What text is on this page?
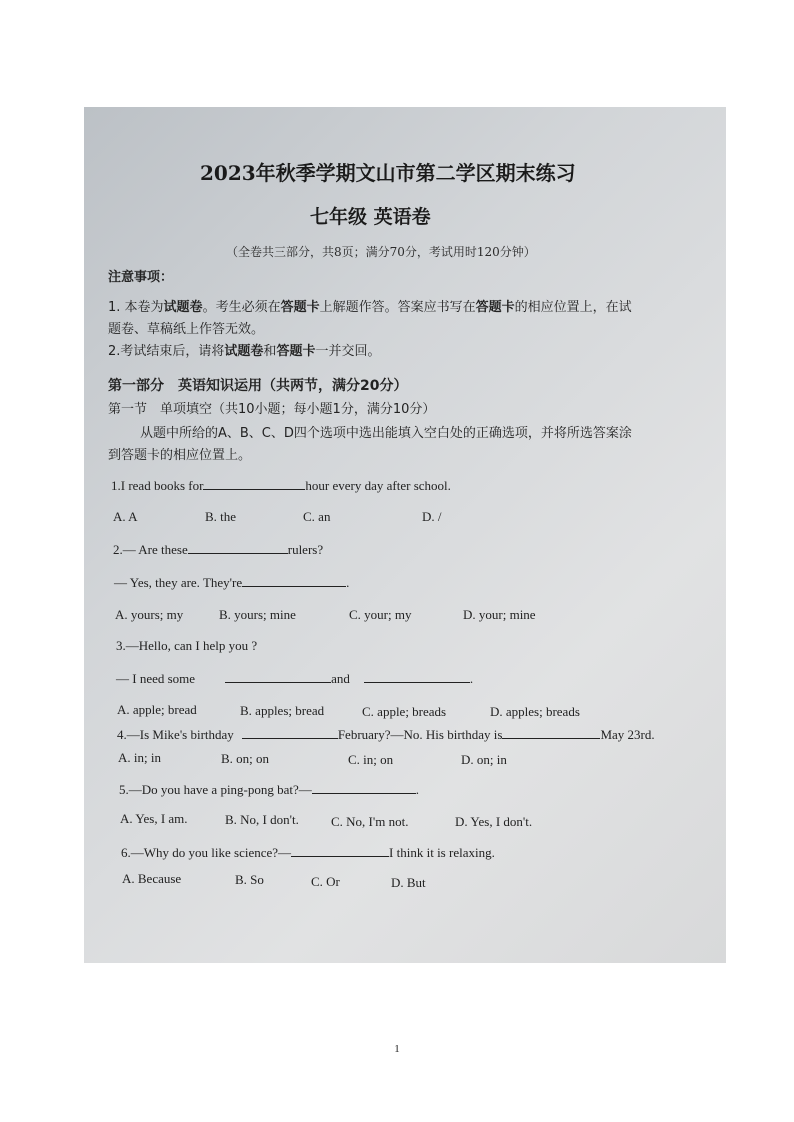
2023年秋季学期文山市第二学区期末练习
七年级 英语卷
（全卷共三部分，共8页；满分70分，考试用时120分钟）
注意事项：
1. 本卷为试题卷。考生必须在答题卡上解题作答。答案应书写在答题卡的相应位置上，在试
题卷、草稿纸上作答无效。
2.考试结束后，请将试题卷和答题卡一并交回。
第一部分　英语知识运用（共两节，满分20分）
第一节　单项填空（共10小题；每小题1分，满分10分）
从题中所给的A、B、C、D四个选项中选出能填入空白处的正确选项，并将所选答案涂
到答题卡的相应位置上。
1.I read books for	hour every day after school.
A. A	B. the	C. an	D. /
2.— Are these	rulers?
— Yes, they are. They're	.
A. yours; my	B. yours; mine	C. your; my	D. your; mine
3.—Hello, can I help you ?
— I need some	and	.
A. apple; bread	B. apples; bread	C. apple; breads	D. apples; breads
4.—Is Mike's birthday	February?—No. His birthday is	May 23rd.
A. in; in	B. on; on	C. in; on	D. on; in
5.—Do you have a ping-pong bat?—	.
A. Yes, I am.	B. No, I don't. C. No, I'm not.	D. Yes, I don't.
6.—Why do you like science?—	I think it is relaxing.
A. Because	B. So	C. Or	D. But
1
